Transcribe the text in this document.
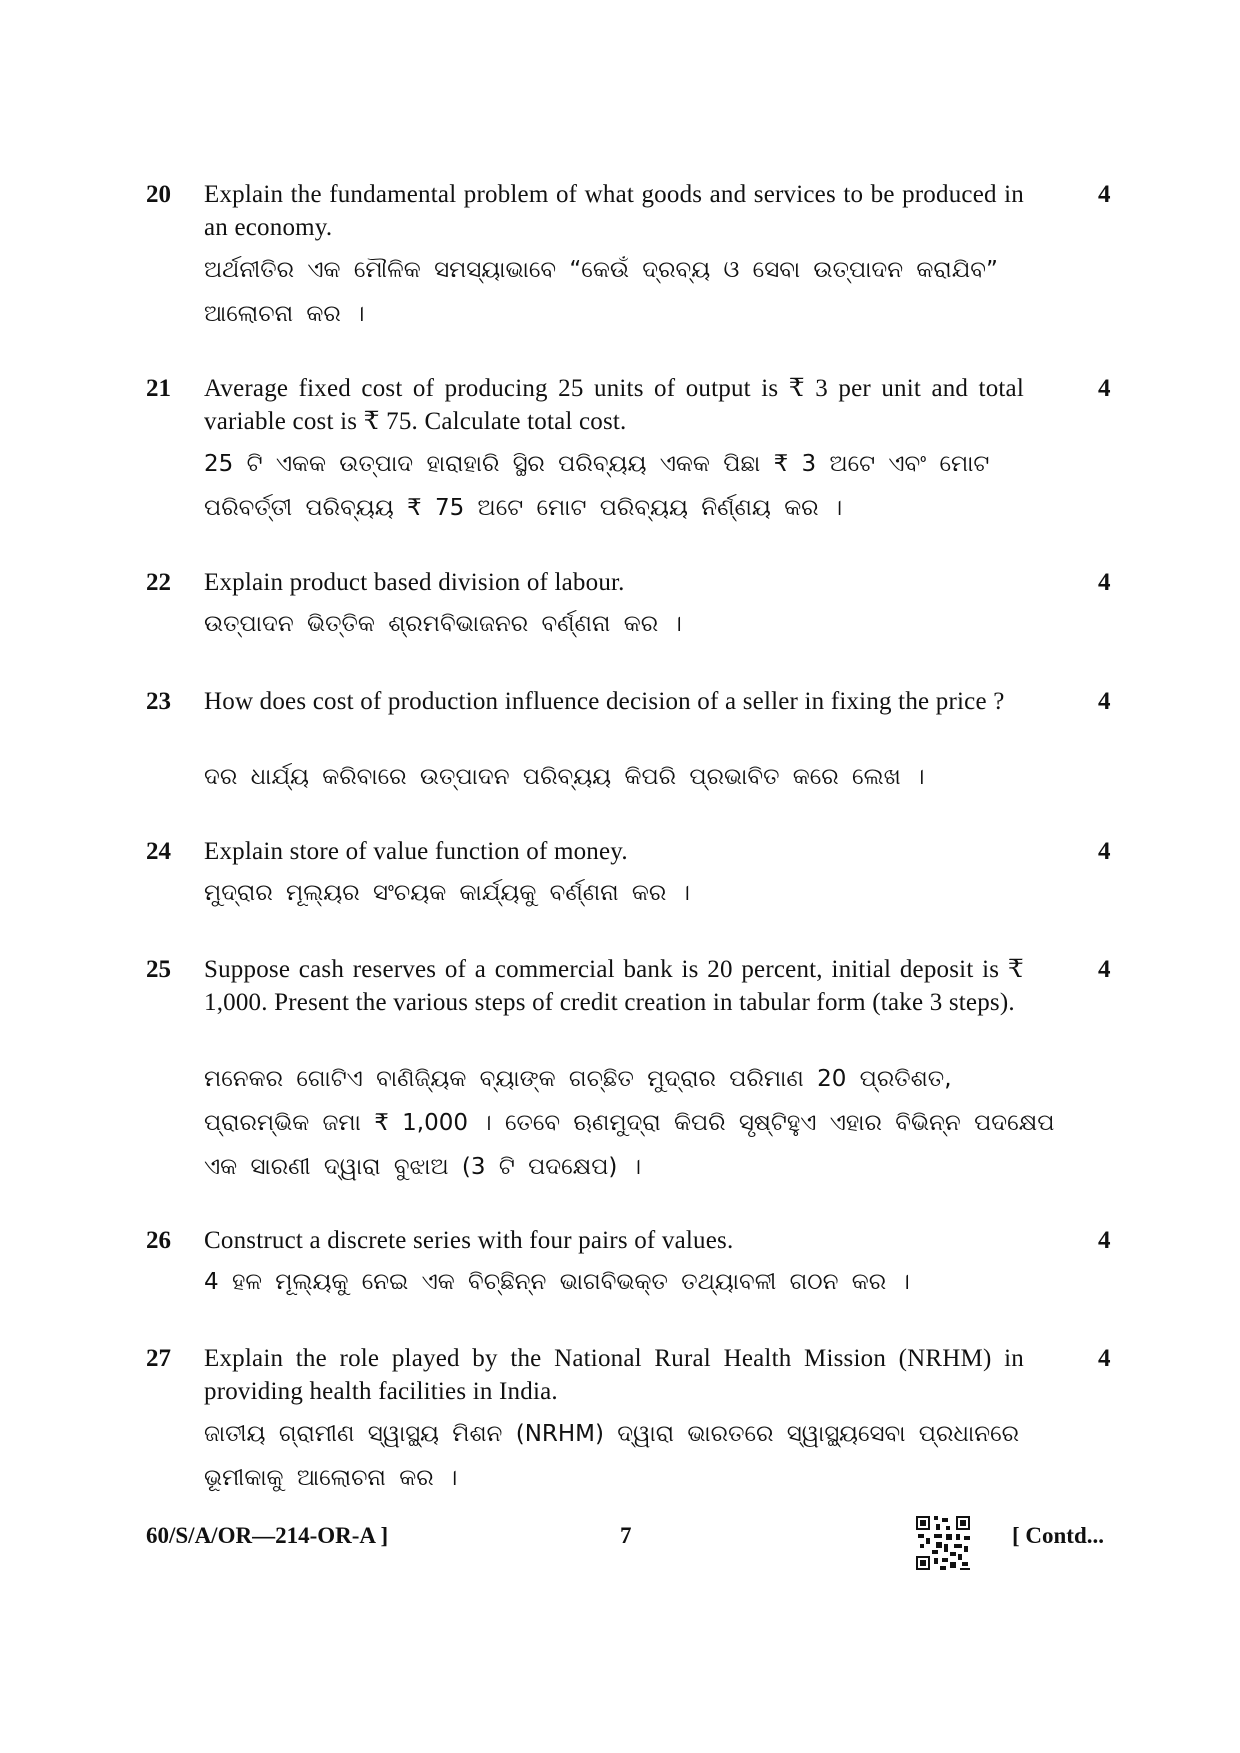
20 Explain the fundamental problem of what goods and services to be produced in an economy.
ଅର୍ଥନୀତିର ଏକ ମୌଳିକ ସମସ୍ୟାଭାବେ “କେଉଁ ଦ୍ରବ୍ୟ ଓ ସେବା ଉତ୍ପାଦନ କରାଯିବ” ଆଲୋଚନା କର ।
4
21 Average fixed cost of producing 25 units of output is ₹ 3 per unit and total variable cost is ₹ 75. Calculate total cost.
25 ଟି ଏକକ ଉତ୍ପାଦ ହାରାହାରି ସ୍ଥିର ପରିବ୍ୟୟ ଏକକ ପିଛା ₹ 3 ଅଟେ ଏବଂ ମୋଟ ପରିବର୍ତ୍ତୀ ପରିବ୍ୟୟ ₹ 75 ଅଟେ ମୋଟ ପରିବ୍ୟୟ ନିର୍ଣ୍ଣୟ କର ।
4
22 Explain product based division of labour.
ଉତ୍ପାଦନ ଭିତ୍ତିକ ଶ୍ରମବିଭାଜନର ବର୍ଣ୍ଣନା କର ।
4
23 How does cost of production influence decision of a seller in fixing the price ?
ଦର ଧାର୍ଯ୍ୟ କରିବାରେ ଉତ୍ପାଦନ ପରିବ୍ୟୟ କିପରି ପ୍ରଭାବିତ କରେ ଲେଖ ।
4
24 Explain store of value function of money.
ମୁଦ୍ରାର ମୂଲ୍ୟର ସଂଚୟକ କାର୍ଯ୍ୟକୁ ବର୍ଣ୍ଣନା କର ।
4
25 Suppose cash reserves of a commercial bank is 20 percent, initial deposit is ₹ 1,000. Present the various steps of credit creation in tabular form (take 3 steps).
ମନେକର ଗୋଟିଏ ବାଣିଜ୍ୟିକ ବ୍ୟାଙ୍କ ଗଚ୍ଛିତ ମୁଦ୍ରାର ପରିମାଣ 20 ପ୍ରତିଶତ, ପ୍ରାରମ୍ଭିକ ଜମା ₹ 1,000 । ତେବେ ଋଣମୁଦ୍ରା କିପରି ସୃଷ୍ଟିହୁଏ ଏହାର ବିଭିନ୍ନ ପଦକ୍ଷେପ ଏକ ସାରଣୀ ଦ୍ୱାରା ବୁଝାଅ (3 ଟି ପଦକ୍ଷେପ) ।
4
26 Construct a discrete series with four pairs of values.
4 ହଳ ମୂଲ୍ୟକୁ ନେଇ ଏକ ବିଚ୍ଛିନ୍ନ ଭାଗବିଭକ୍ତ ତଥ୍ୟାବଳୀ ଗଠନ କର ।
4
27 Explain the role played by the National Rural Health Mission (NRHM) in providing health facilities in India.
ଜାତୀୟ ଗ୍ରାମୀଣ ସ୍ୱାସ୍ଥ୍ୟ ମିଶନ (NRHM) ଦ୍ୱାରା ଭାରତରେ ସ୍ୱାସ୍ଥ୍ୟସେବା ପ୍ରଧାନରେ ଭୂମୀକାକୁ ଆଲୋଚନା କର ।
4
60/S/A/OR—214-OR-A ]	7	[ Contd...
